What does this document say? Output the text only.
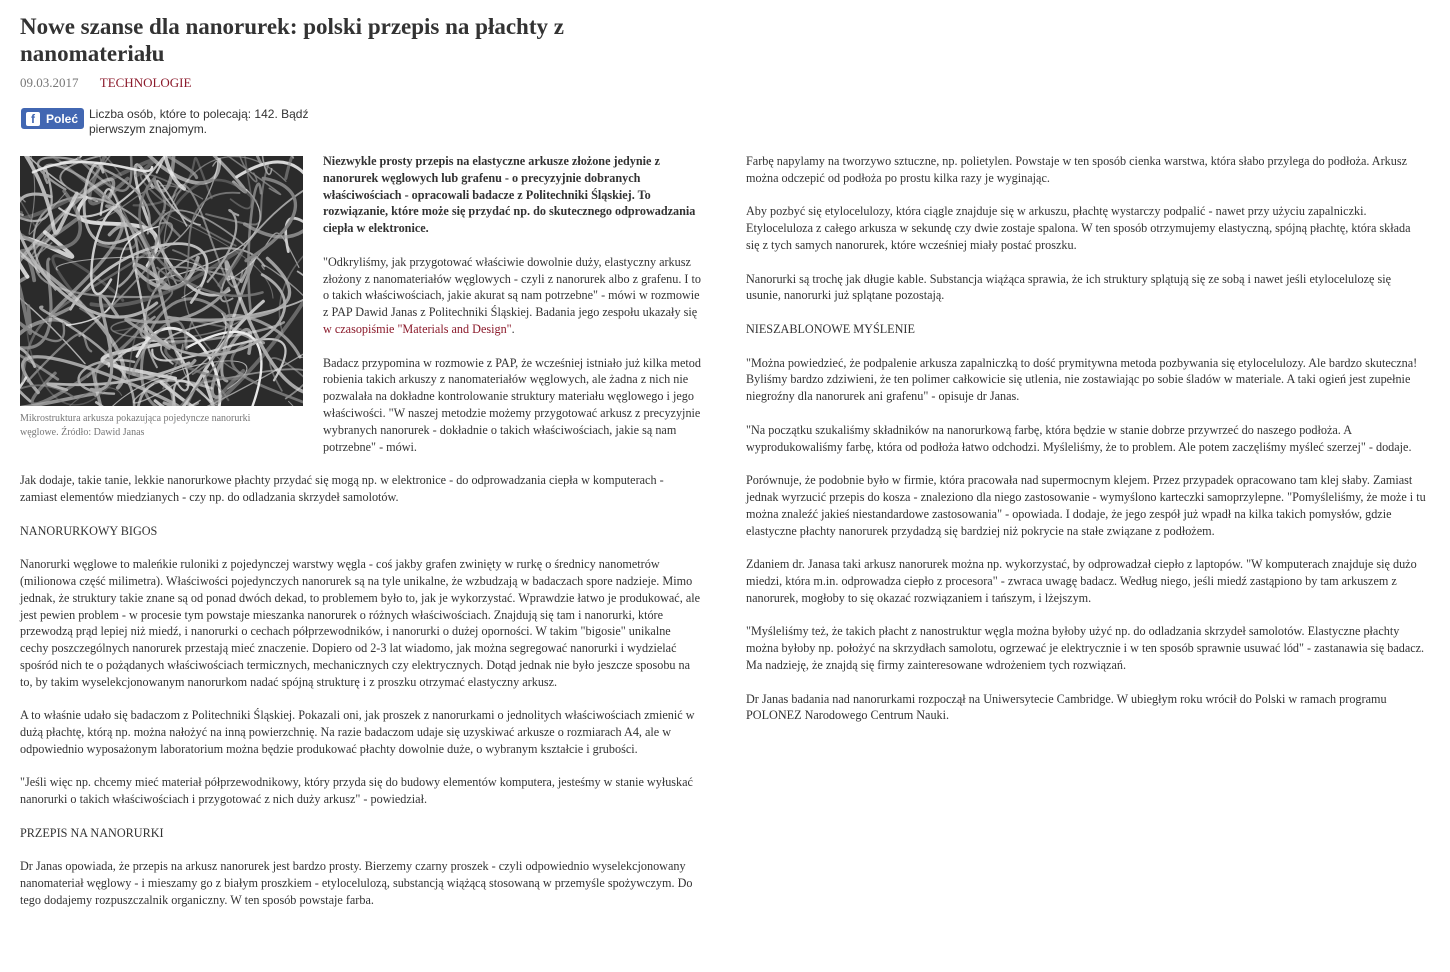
Nowe szanse dla nanorurek: polski przepis na płachty z nanomateriału
09.03.2017 TECHNOLOGIE
f Poleć Liczba osób, które to polecają: 142. Bądź pierwszym znajomym.
Mikrostruktura arkusza pokazująca pojedyncze nanorurki węglowe. Źródło: Dawid Janas

Niezwykle prosty przepis na elastyczne arkusze złożone jedynie z nanorurek węglowych lub grafenu - o precyzyjnie dobranych właściwościach - opracowali badacze z Politechniki Śląskiej. To rozwiązanie, które może się przydać np. do skutecznego odprowadzania ciepła w elektronice.

"Odkryliśmy, jak przygotować właściwie dowolnie duży, elastyczny arkusz złożony z nanomateriałów węglowych - czyli z nanorurek albo z grafenu. I to o takich właściwościach, jakie akurat są nam potrzebne" - mówi w rozmowie z PAP Dawid Janas z Politechniki Śląskiej. Badania jego zespołu ukazały się w czasopiśmie "Materials and Design".

Badacz przypomina w rozmowie z PAP, że wcześniej istniało już kilka metod robienia takich arkuszy z nanomateriałów węglowych, ale żadna z nich nie pozwalała na dokładne kontrolowanie struktury materiału węglowego i jego właściwości. "W naszej metodzie możemy przygotować arkusz z precyzyjnie wybranych nanorurek - dokładnie o takich właściwościach, jakie są nam potrzebne" - mówi.

Jak dodaje, takie tanie, lekkie nanorurkowe płachty przydać się mogą np. w elektronice - do odprowadzania ciepła w komputerach - zamiast elementów miedzianych - czy np. do odladzania skrzydeł samolotów.

NANORURKOWY BIGOS

Nanorurki węglowe to maleńkie ruloniki z pojedynczej warstwy węgla - coś jakby grafen zwinięty w rurkę o średnicy nanometrów (milionowa część milimetra). Właściwości pojedynczych nanorurek są na tyle unikalne, że wzbudzają w badaczach spore nadzieje. Mimo jednak, że struktury takie znane są od ponad dwóch dekad, to problemem było to, jak je wykorzystać. Wprawdzie łatwo je produkować, ale jest pewien problem - w procesie tym powstaje mieszanka nanorurek o różnych właściwościach. Znajdują się tam i nanorurki, które przewodzą prąd lepiej niż miedź, i nanorurki o cechach półprzewodników, i nanorurki o dużej oporności. W takim "bigosie" unikalne cechy poszczególnych nanorurek przestają mieć znaczenie. Dopiero od 2-3 lat wiadomo, jak można segregować nanorurki i wydzielać spośród nich te o pożądanych właściwościach termicznych, mechanicznych czy elektrycznych. Dotąd jednak nie było jeszcze sposobu na to, by takim wyselekcjonowanym nanorurkom nadać spójną strukturę i z proszku otrzymać elastyczny arkusz.

A to właśnie udało się badaczom z Politechniki Śląskiej. Pokazali oni, jak proszek z nanorurkami o jednolitych właściwościach zmienić w dużą płachtę, którą np. można nałożyć na inną powierzchnię. Na razie badaczom udaje się uzyskiwać arkusze o rozmiarach A4, ale w odpowiednio wyposażonym laboratorium można będzie produkować płachty dowolnie duże, o wybranym kształcie i grubości.

"Jeśli więc np. chcemy mieć materiał półprzewodnikowy, który przyda się do budowy elementów komputera, jesteśmy w stanie wyłuskać nanorurki o takich właściwościach i przygotować z nich duży arkusz" - powiedział.

PRZEPIS NA NANORURKI

Dr Janas opowiada, że przepis na arkusz nanorurek jest bardzo prosty. Bierzemy czarny proszek - czyli odpowiednio wyselekcjonowany nanomateriał węglowy - i mieszamy go z białym proszkiem - etylocelulozą, substancją wiążącą stosowaną w przemyśle spożywczym. Do tego dodajemy rozpuszczalnik organiczny. W ten sposób powstaje farba.

Farbę napylamy na tworzywo sztuczne, np. polietylen. Powstaje w ten sposób cienka warstwa, która słabo przylega do podłoża. Arkusz można odczepić od podłoża po prostu kilka razy je wyginając.

Aby pozbyć się etylocelulozy, która ciągle znajduje się w arkuszu, płachtę wystarczy podpalić - nawet przy użyciu zapalniczki. Etyloceluloza z całego arkusza w sekundę czy dwie zostaje spalona. W ten sposób otrzymujemy elastyczną, spójną płachtę, która składa się z tych samych nanorurek, które wcześniej miały postać proszku.

Nanorurki są trochę jak długie kable. Substancja wiążąca sprawia, że ich struktury splątują się ze sobą i nawet jeśli etylocelulozę się usunie, nanorurki już splątane pozostają.

NIESZABLONOWE MYŚLENIE

"Można powiedzieć, że podpalenie arkusza zapalniczką to dość prymitywna metoda pozbywania się etylocelulozy. Ale bardzo skuteczna! Byliśmy bardzo zdziwieni, że ten polimer całkowicie się utlenia, nie zostawiając po sobie śladów w materiale. A taki ogień jest zupełnie niegroźny dla nanorurek ani grafenu" - opisuje dr Janas.

"Na początku szukaliśmy składników na nanorurkową farbę, która będzie w stanie dobrze przywrzeć do naszego podłoża. A wyprodukowaliśmy farbę, która od podłoża łatwo odchodzi. Myśleliśmy, że to problem. Ale potem zaczęliśmy myśleć szerzej" - dodaje.

Porównuje, że podobnie było w firmie, która pracowała nad supermocnym klejem. Przez przypadek opracowano tam klej słaby. Zamiast jednak wyrzucić przepis do kosza - znaleziono dla niego zastosowanie - wymyślono karteczki samoprzylepne. "Pomyśleliśmy, że może i tu można znaleźć jakieś niestandardowe zastosowania" - opowiada. I dodaje, że jego zespół już wpadł na kilka takich pomysłów, gdzie elastyczne płachty nanorurek przydadzą się bardziej niż pokrycie na stałe związane z podłożem.

Zdaniem dr. Janasa taki arkusz nanorurek można np. wykorzystać, by odprowadzał ciepło z laptopów. "W komputerach znajduje się dużo miedzi, która m.in. odprowadza ciepło z procesora" - zwraca uwagę badacz. Według niego, jeśli miedź zastąpiono by tam arkuszem z nanorurek, mogłoby to się okazać rozwiązaniem i tańszym, i lżejszym.

"Myśleliśmy też, że takich płacht z nanostruktur węgla można byłoby użyć np. do odladzania skrzydeł samolotów. Elastyczne płachty można byłoby np. położyć na skrzydłach samolotu, ogrzewać je elektrycznie i w ten sposób sprawnie usuwać lód" - zastanawia się badacz. Ma nadzieję, że znajdą się firmy zainteresowane wdrożeniem tych rozwiązań.

Dr Janas badania nad nanorurkami rozpoczął na Uniwersytecie Cambridge. W ubiegłym roku wrócił do Polski w ramach programu POLONEZ Narodowego Centrum Nauki.
